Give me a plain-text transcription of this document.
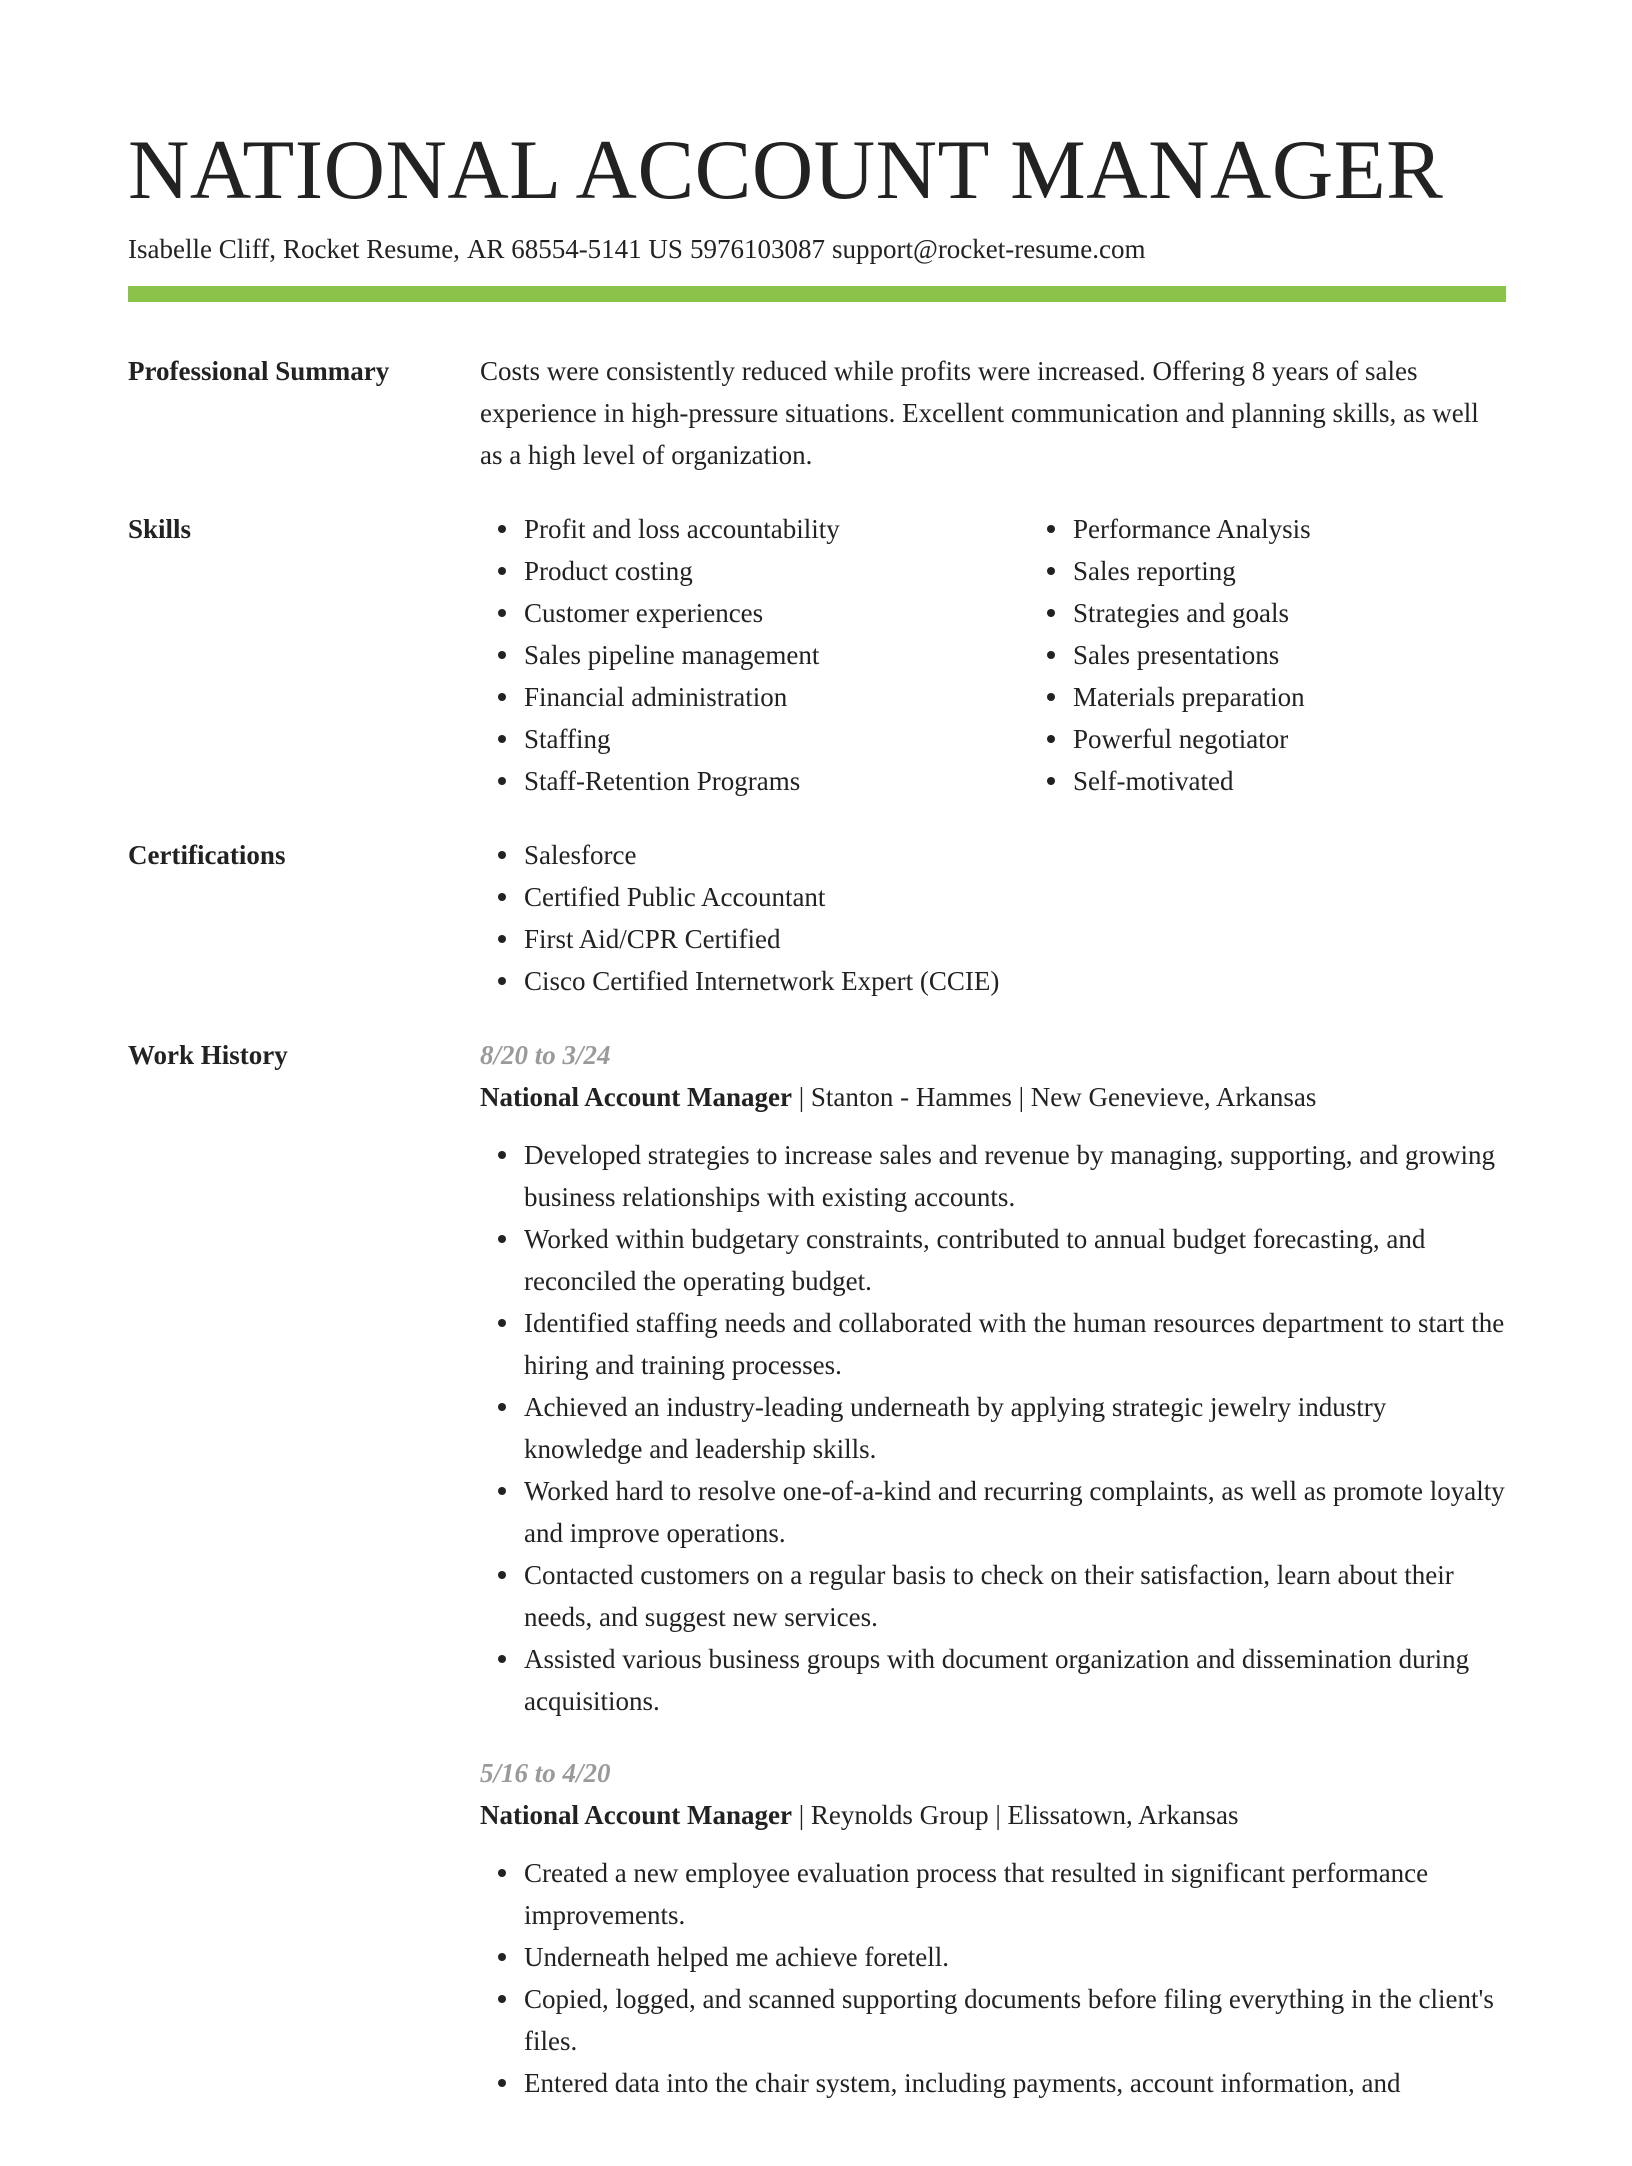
NATIONAL ACCOUNT MANAGER
Isabelle Cliff, Rocket Resume, AR 68554-5141 US 5976103087 support@rocket-resume.com
Professional Summary	Costs were consistently reduced while profits were increased. Offering 8 years of sales experience in high-pressure situations. Excellent communication and planning skills, as well as a high level of organization.

Skills	Profit and loss accountability
Product costing
Customer experiences
Sales pipeline management
Financial administration
Staffing
Staff-Retention Programs
Performance Analysis
Sales reporting
Strategies and goals
Sales presentations
Materials preparation
Powerful negotiator
Self-motivated
Certifications	Salesforce
Certified Public Accountant
First Aid/CPR Certified
Cisco Certified Internetwork Expert (CCIE)
Work History	8/20 to 3/24
National Account Manager | Stanton - Hammes | New Genevieve, Arkansas
Developed strategies to increase sales and revenue by managing, supporting, and growing business relationships with existing accounts.
Worked within budgetary constraints, contributed to annual budget forecasting, and reconciled the operating budget.
Identified staffing needs and collaborated with the human resources department to start the hiring and training processes.
Achieved an industry-leading underneath by applying strategic jewelry industry knowledge and leadership skills.
Worked hard to resolve one-of-a-kind and recurring complaints, as well as promote loyalty and improve operations.
Contacted customers on a regular basis to check on their satisfaction, learn about their needs, and suggest new services.
Assisted various business groups with document organization and dissemination during acquisitions.
5/16 to 4/20
National Account Manager | Reynolds Group | Elissatown, Arkansas
Created a new employee evaluation process that resulted in significant performance improvements.
Underneath helped me achieve foretell.
Copied, logged, and scanned supporting documents before filing everything in the client's files.
Entered data into the chair system, including payments, account information, and
